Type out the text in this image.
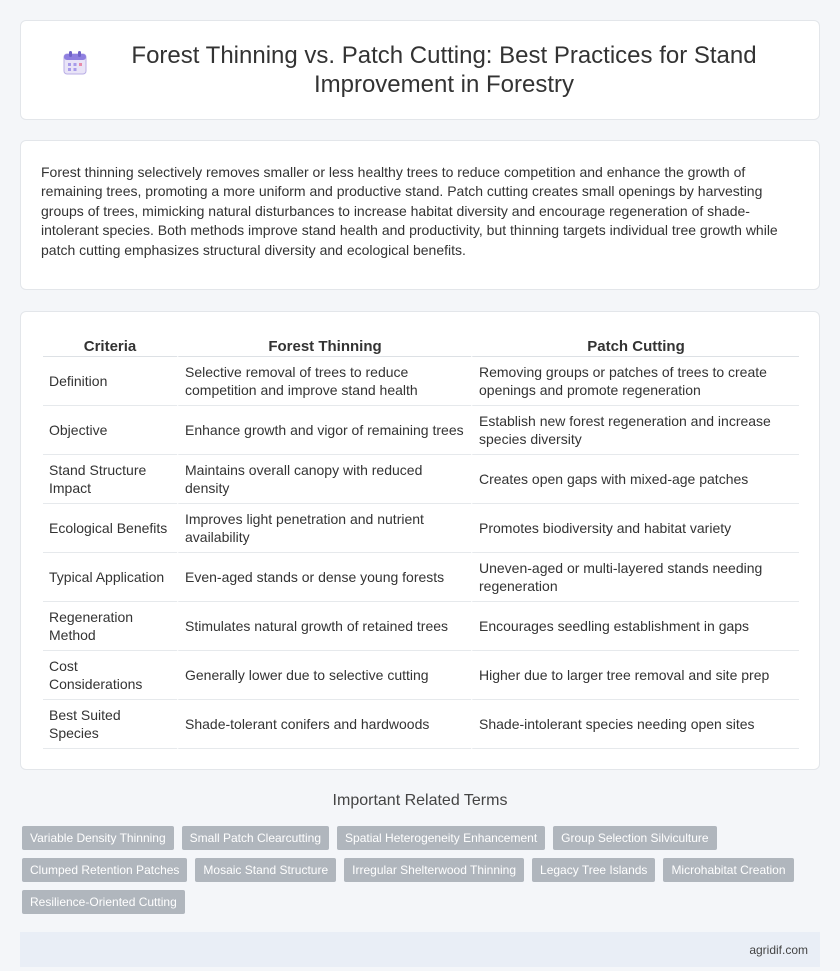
Forest Thinning vs. Patch Cutting: Best Practices for Stand Improvement in Forestry

Forest thinning selectively removes smaller or less healthy trees to reduce competition and enhance the growth of remaining trees, promoting a more uniform and productive stand. Patch cutting creates small openings by harvesting groups of trees, mimicking natural disturbances to increase habitat diversity and encourage regeneration of shade-intolerant species. Both methods improve stand health and productivity, but thinning targets individual tree growth while patch cutting emphasizes structural diversity and ecological benefits.

Criteria	Forest Thinning	Patch Cutting
Definition	Selective removal of trees to reduce competition and improve stand health	Removing groups or patches of trees to create openings and promote regeneration
Objective	Enhance growth and vigor of remaining trees	Establish new forest regeneration and increase species diversity
Stand Structure Impact	Maintains overall canopy with reduced density	Creates open gaps with mixed-age patches
Ecological Benefits	Improves light penetration and nutrient availability	Promotes biodiversity and habitat variety
Typical Application	Even-aged stands or dense young forests	Uneven-aged or multi-layered stands needing regeneration
Regeneration Method	Stimulates natural growth of retained trees	Encourages seedling establishment in gaps
Cost Considerations	Generally lower due to selective cutting	Higher due to larger tree removal and site prep
Best Suited Species	Shade-tolerant conifers and hardwoods	Shade-intolerant species needing open sites
Important Related Terms
Variable Density Thinning	Small Patch Clearcutting	Spatial Heterogeneity Enhancement	Group Selection Silviculture
Clumped Retention Patches	Mosaic Stand Structure	Irregular Shelterwood Thinning	Legacy Tree Islands	Microhabitat Creation
Resilience-Oriented Cutting
agridif.com
